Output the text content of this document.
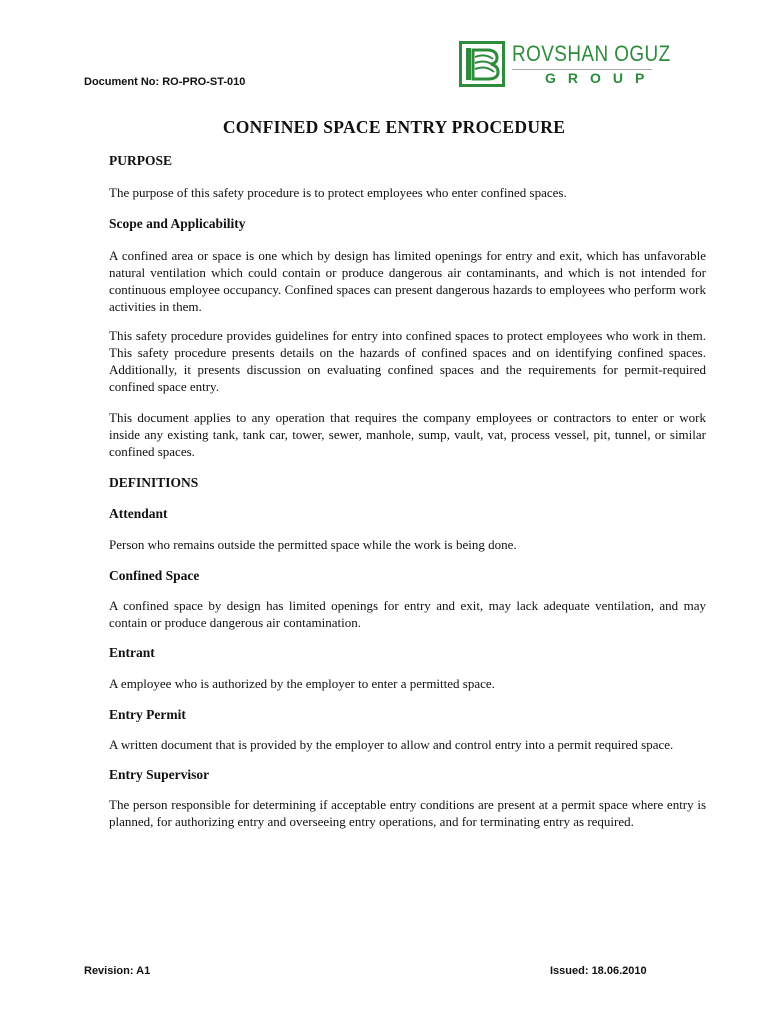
Document No: RO-PRO-ST-010
ROVSHAN OGUZ
GROUP
CONFINED SPACE ENTRY PROCEDURE
PURPOSE
The purpose of this safety procedure is to protect employees who enter confined spaces.
Scope and Applicability
A confined area or space is one which by design has limited openings for entry and exit, which has unfavorable natural ventilation which could contain or produce dangerous air contaminants, and which is not intended for continuous employee occupancy. Confined spaces can present dangerous hazards to employees who perform work activities in them.
This safety procedure provides guidelines for entry into confined spaces to protect employees who work in them. This safety procedure presents details on the hazards of confined spaces and on identifying confined spaces. Additionally, it presents discussion on evaluating confined spaces and the requirements for permit-required confined space entry.
This document applies to any operation that requires the company employees or contractors to enter or work inside any existing tank, tank car, tower, sewer, manhole, sump, vault, vat, process vessel, pit, tunnel, or similar confined spaces.
DEFINITIONS
Attendant
Person who remains outside the permitted space while the work is being done.
Confined Space
A confined space by design has limited openings for entry and exit, may lack adequate ventilation, and may contain or produce dangerous air contamination.
Entrant
A employee who is authorized by the employer to enter a permitted space.
Entry Permit
A written document that is provided by the employer to allow and control entry into a permit required space.
Entry Supervisor
The person responsible for determining if acceptable entry conditions are present at a permit space where entry is planned, for authorizing entry and overseeing entry operations, and for terminating entry as required.
Revision: A1	Issued: 18.06.2010
